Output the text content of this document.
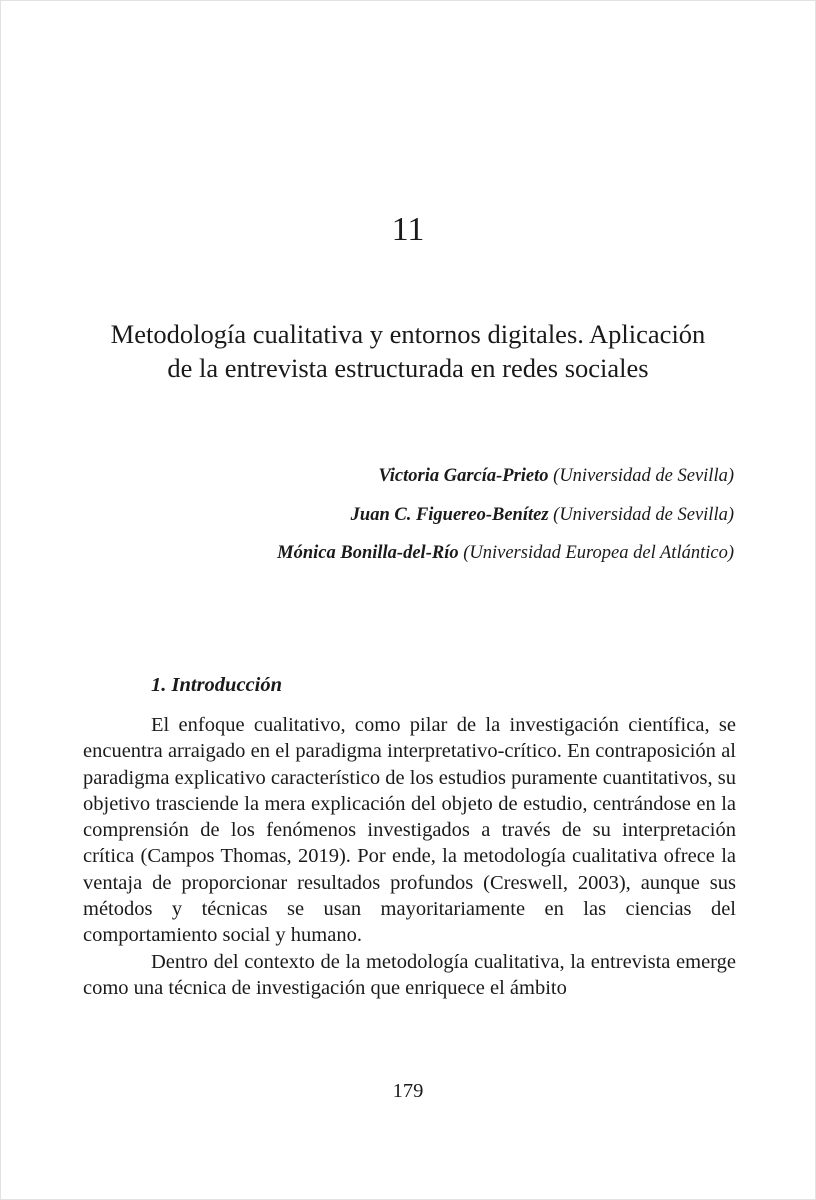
11
Metodología cualitativa y entornos digitales. Aplicación
de la entrevista estructurada en redes sociales
Victoria García-Prieto (Universidad de Sevilla)
Juan C. Figuereo-Benítez (Universidad de Sevilla)
Mónica Bonilla-del-Río (Universidad Europea del Atlántico)
1. Introducción

El enfoque cualitativo, como pilar de la investigación científica, se encuentra arraigado en el paradigma interpretativo-crítico. En contraposición al paradigma explicativo característico de los estudios puramente cuantitativos, su objetivo trasciende la mera explicación del objeto de estudio, centrándose en la comprensión de los fenómenos investigados a través de su interpretación crítica (Campos Thomas, 2019). Por ende, la metodología cualitativa ofrece la ventaja de proporcionar resultados profundos (Creswell, 2003), aunque sus métodos y técnicas se usan mayoritariamente en las ciencias del comportamiento social y humano.

Dentro del contexto de la metodología cualitativa, la entrevista emerge como una técnica de investigación que enriquece el ámbito

179
